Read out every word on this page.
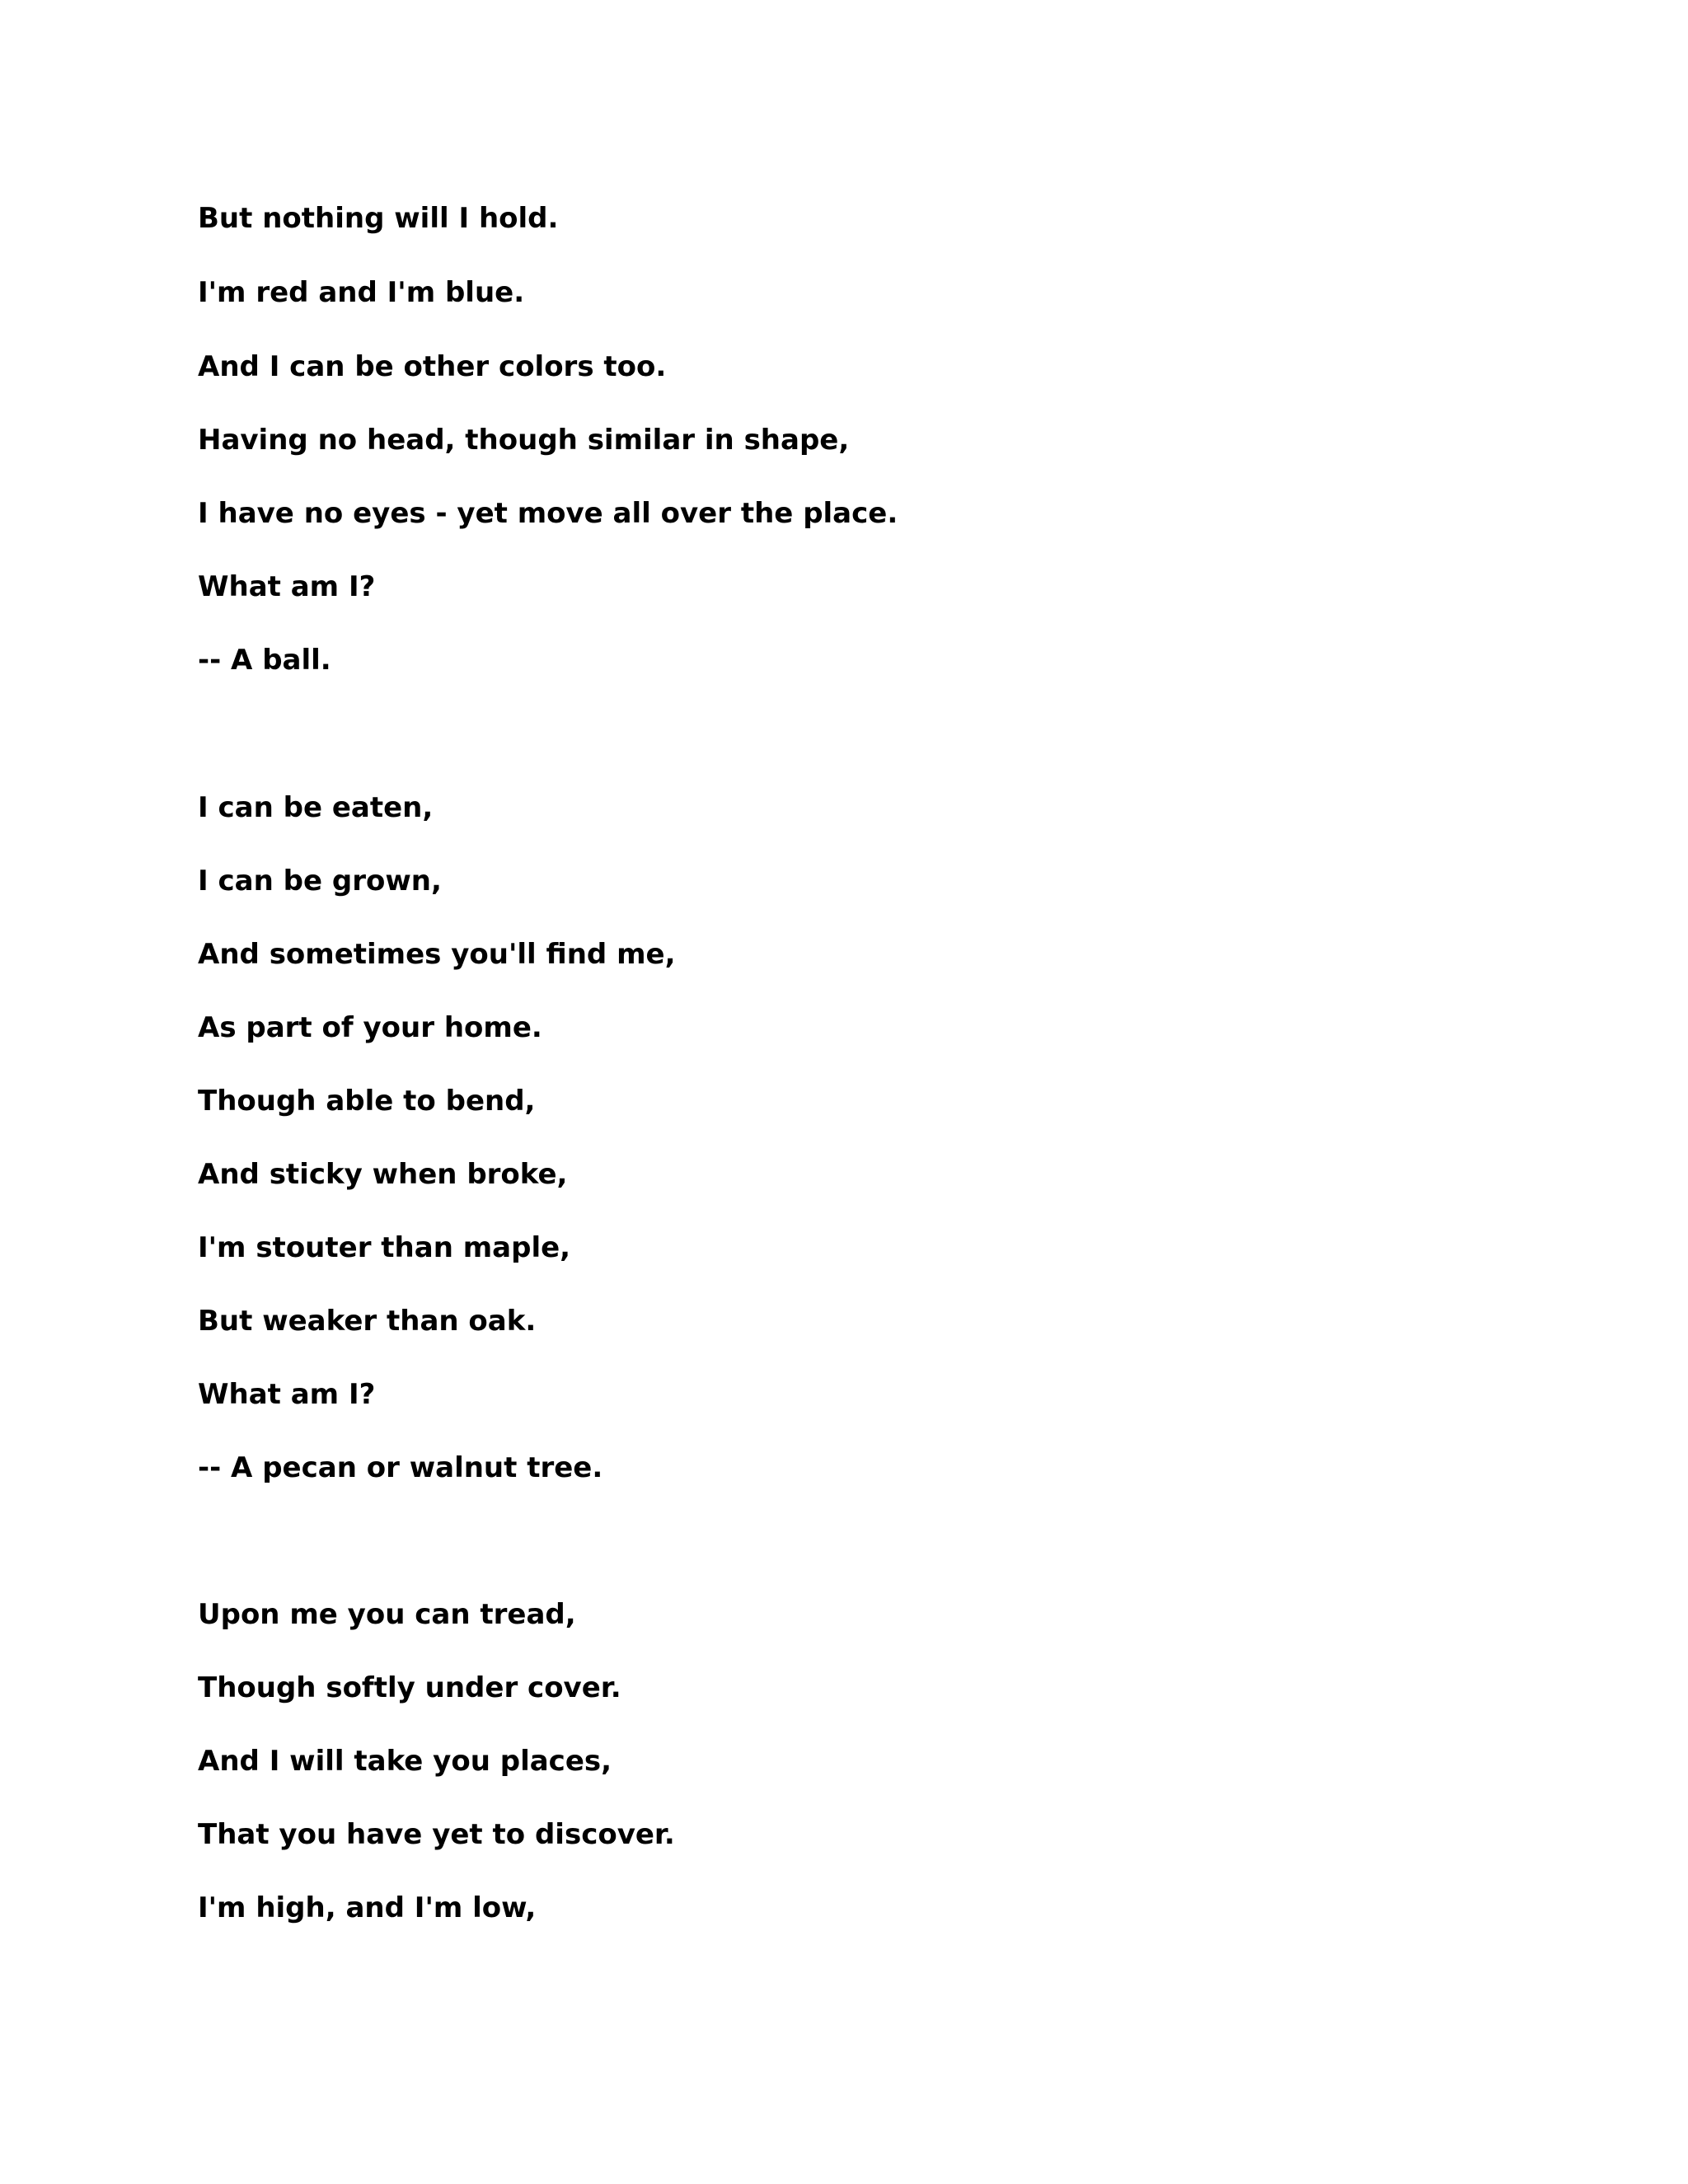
But nothing will I hold.

I'm red and I'm blue.

And I can be other colors too.

Having no head, though similar in shape,

I have no eyes - yet move all over the place.

What am I?

-- A ball.

I can be eaten,

I can be grown,

And sometimes you'll find me,

As part of your home.

Though able to bend,

And sticky when broke,

I'm stouter than maple,

But weaker than oak.

What am I?

-- A pecan or walnut tree.

Upon me you can tread,

Though softly under cover.

And I will take you places,

That you have yet to discover.

I'm high, and I'm low,
